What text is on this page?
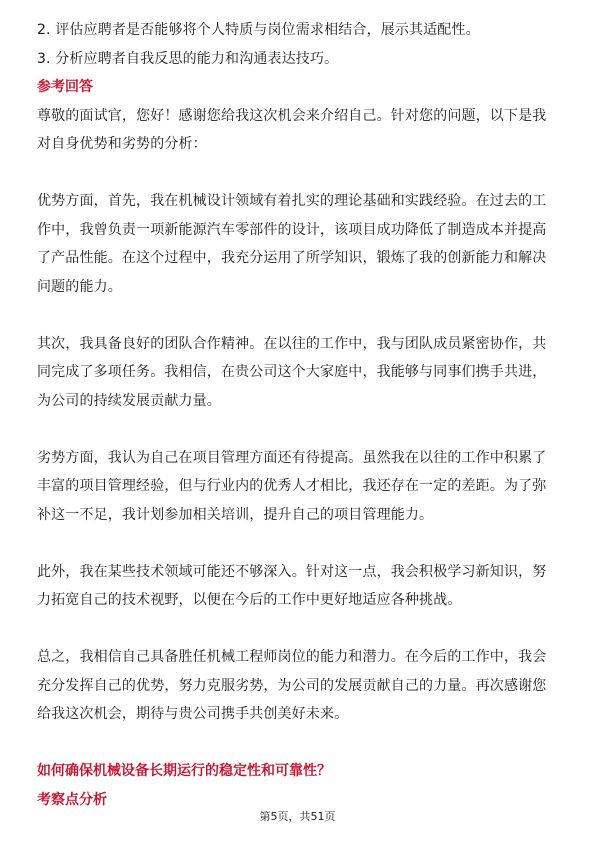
2. 评估应聘者是否能够将个人特质与岗位需求相结合，展示其适配性。
3. 分析应聘者自我反思的能力和沟通表达技巧。
参考回答
尊敬的面试官，您好！感谢您给我这次机会来介绍自己。针对您的问题，以下是我
对自身优势和劣势的分析：
优势方面，首先，我在机械设计领域有着扎实的理论基础和实践经验。在过去的工
作中，我曾负责一项新能源汽车零部件的设计，该项目成功降低了制造成本并提高
了产品性能。在这个过程中，我充分运用了所学知识，锻炼了我的创新能力和解决
问题的能力。
其次，我具备良好的团队合作精神。在以往的工作中，我与团队成员紧密协作，共
同完成了多项任务。我相信，在贵公司这个大家庭中，我能够与同事们携手共进，
为公司的持续发展贡献力量。
劣势方面，我认为自己在项目管理方面还有待提高。虽然我在以往的工作中积累了
丰富的项目管理经验，但与行业内的优秀人才相比，我还存在一定的差距。为了弥
补这一不足，我计划参加相关培训，提升自己的项目管理能力。
此外，我在某些技术领域可能还不够深入。针对这一点，我会积极学习新知识，努
力拓宽自己的技术视野，以便在今后的工作中更好地适应各种挑战。
总之，我相信自己具备胜任机械工程师岗位的能力和潜力。在今后的工作中，我会
充分发挥自己的优势，努力克服劣势，为公司的发展贡献自己的力量。再次感谢您
给我这次机会，期待与贵公司携手共创美好未来。
如何确保机械设备长期运行的稳定性和可靠性？
考察点分析
第5页，共51页
